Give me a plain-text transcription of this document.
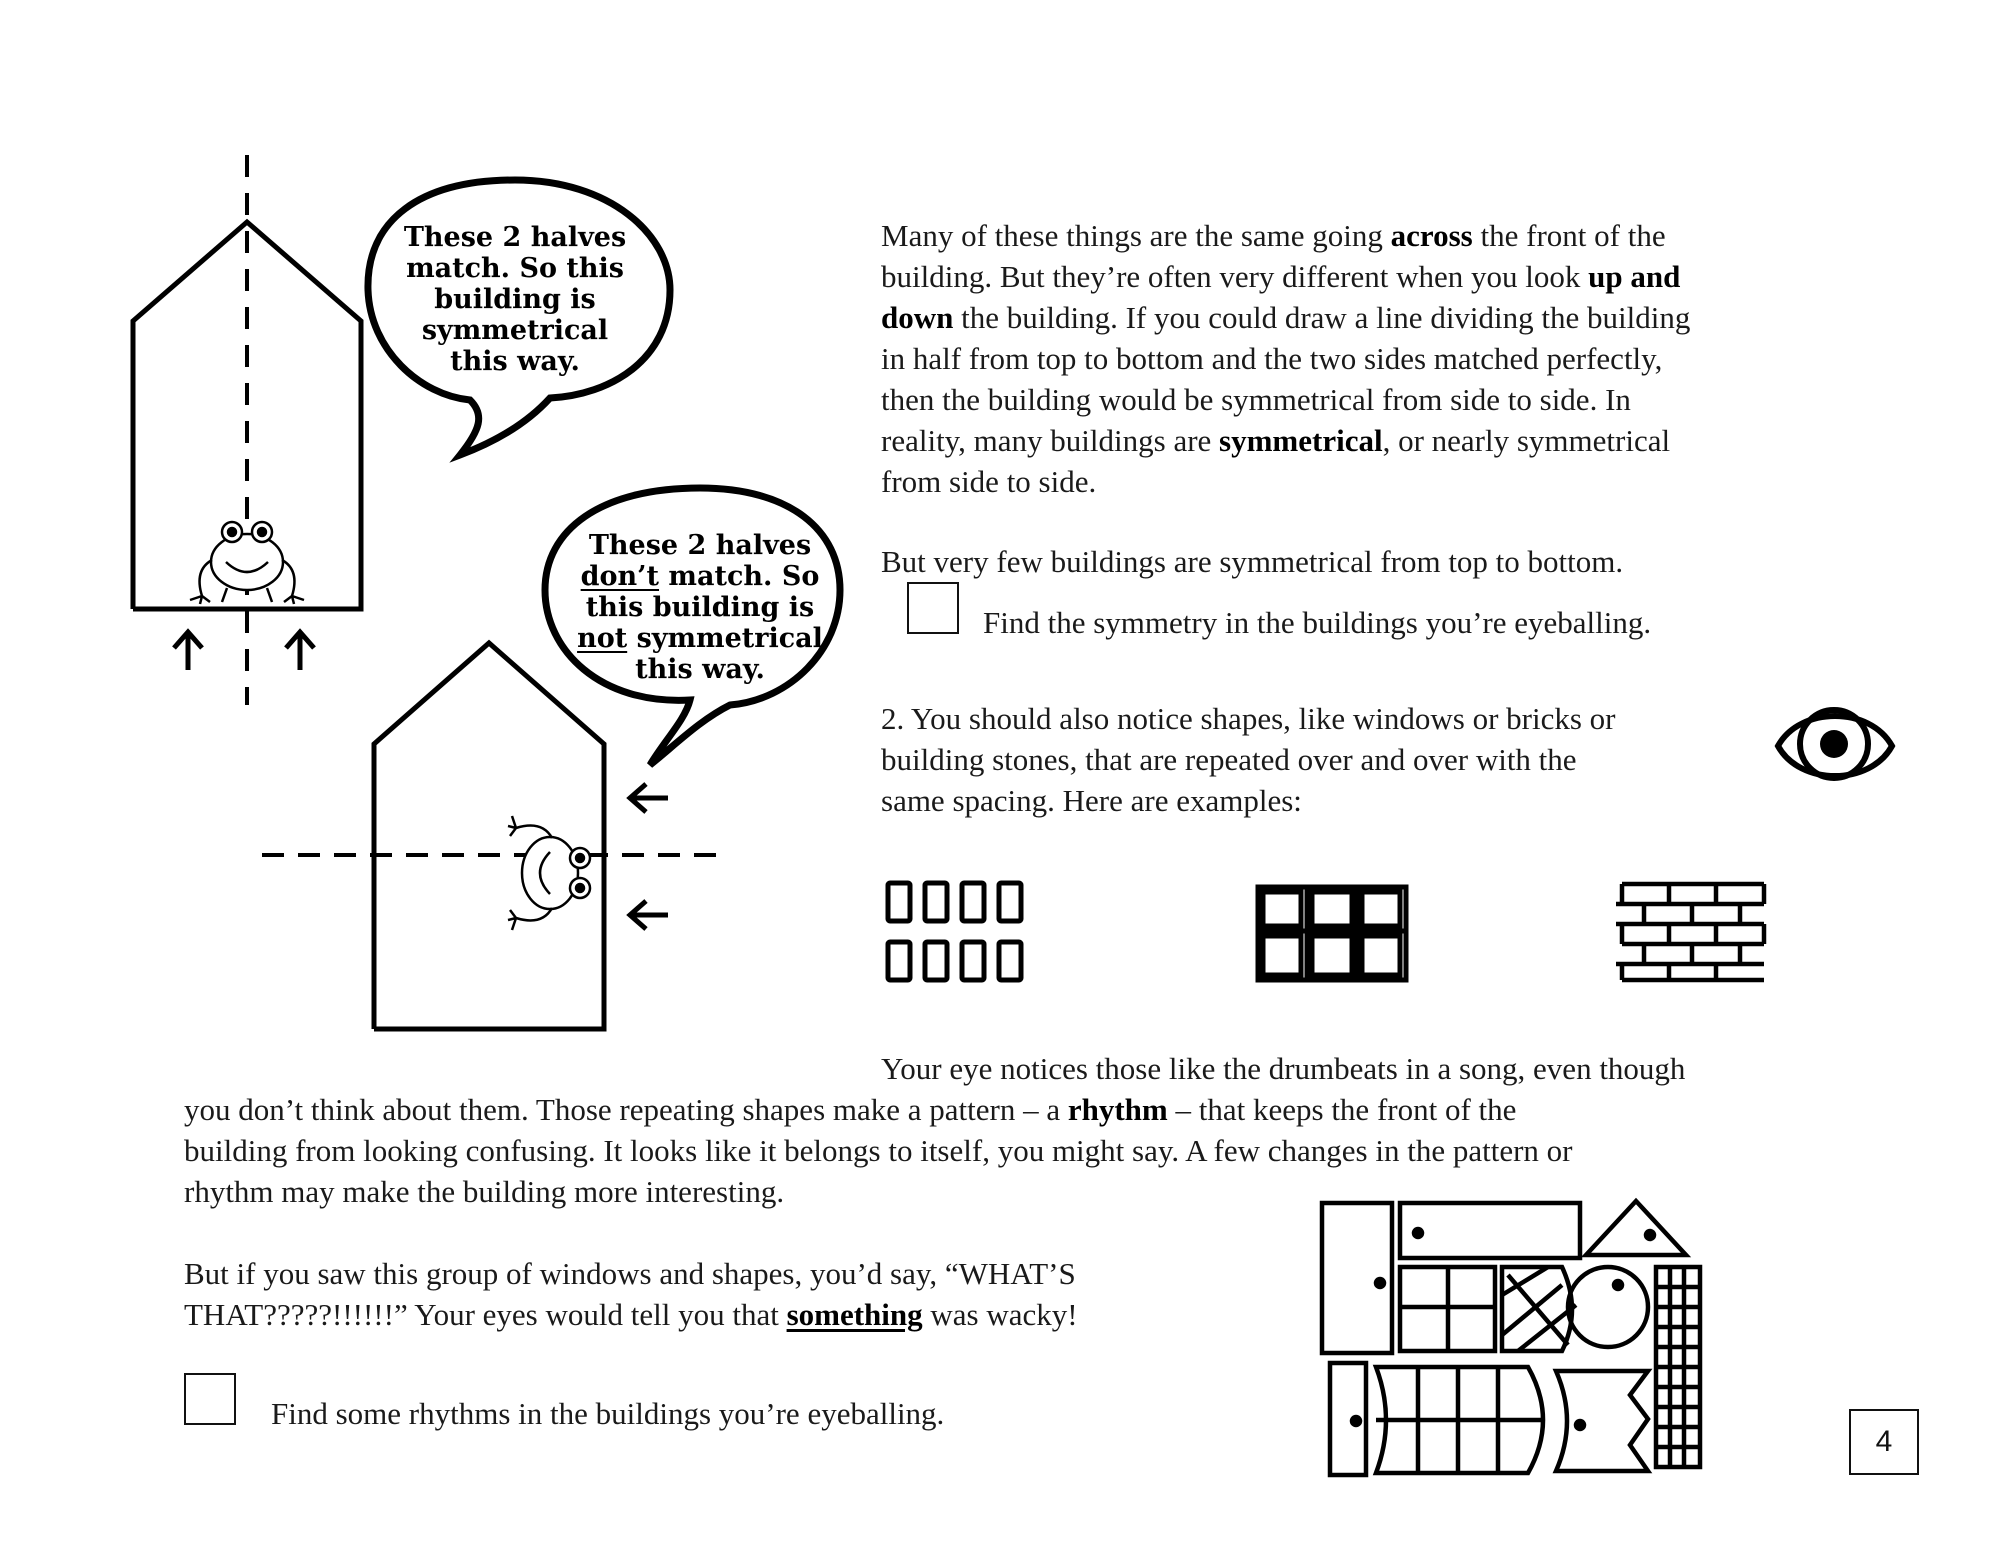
These 2 halves
match. So this
building is
symmetrical
this way.
These 2 halves
don’t match. So
this building is
not symmetrical
this way.
Many of these things are the same going across the front of the
building. But they’re often very different when you look up and
down the building. If you could draw a line dividing the building
in half from top to bottom and the two sides matched perfectly,
then the building would be symmetrical from side to side. In
reality, many buildings are symmetrical, or nearly symmetrical
from side to side.
But very few buildings are symmetrical from top to bottom.
Find the symmetry in the buildings you’re eyeballing.
2. You should also notice shapes, like windows or bricks or
building stones, that are repeated over and over with the
same spacing. Here are examples:
Your eye notices those like the drumbeats in a song, even though
you don’t think about them. Those repeating shapes make a pattern – a rhythm – that keeps the front of the
building from looking confusing. It looks like it belongs to itself, you might say. A few changes in the pattern or
rhythm may make the building more interesting.
But if you saw this group of windows and shapes, you’d say, “WHAT’S
THAT?????!!!!!!” Your eyes would tell you that something was wacky!
Find some rhythms in the buildings you’re eyeballing.
4
